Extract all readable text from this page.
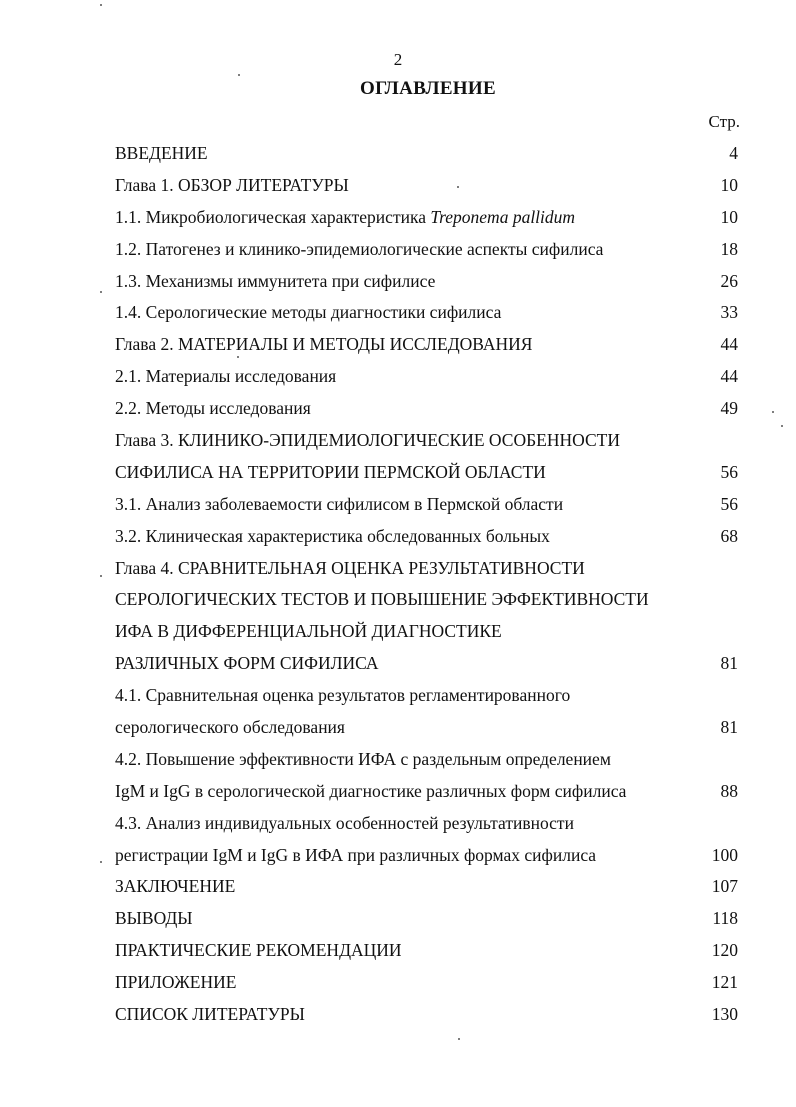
2
ОГЛАВЛЕНИЕ
Стр.
ВВЕДЕНИЕ	4
Глава 1. ОБЗОР ЛИТЕРАТУРЫ	10
1.1. Микробиологическая характеристика Treponema pallidum	10
1.2. Патогенез и клинико-эпидемиологические аспекты сифилиса	18
1.3. Механизмы иммунитета при сифилисе	26
1.4. Серологические методы диагностики сифилиса	33
Глава 2. МАТЕРИАЛЫ И МЕТОДЫ ИССЛЕДОВАНИЯ	44
2.1. Материалы исследования	44
2.2. Методы исследования	49
Глава 3. КЛИНИКО-ЭПИДЕМИОЛОГИЧЕСКИЕ ОСОБЕННОСТИ
СИФИЛИСА НА ТЕРРИТОРИИ ПЕРМСКОЙ ОБЛАСТИ	56
3.1. Анализ заболеваемости сифилисом в Пермской области	56
3.2. Клиническая характеристика обследованных больных	68
Глава 4. СРАВНИТЕЛЬНАЯ ОЦЕНКА РЕЗУЛЬТАТИВНОСТИ
СЕРОЛОГИЧЕСКИХ ТЕСТОВ И ПОВЫШЕНИЕ ЭФФЕКТИВНОСТИ
ИФА В ДИФФЕРЕНЦИАЛЬНОЙ ДИАГНОСТИКЕ
РАЗЛИЧНЫХ ФОРМ СИФИЛИСА	81
4.1. Сравнительная оценка результатов регламентированного
серологического обследования	81
4.2. Повышение эффективности ИФА с раздельным определением
IgM и IgG в серологической диагностике различных форм сифилиса	88
4.3. Анализ индивидуальных особенностей результативности
регистрации IgM и IgG в ИФА при различных формах сифилиса	100
ЗАКЛЮЧЕНИЕ	107
ВЫВОДЫ	118
ПРАКТИЧЕСКИЕ РЕКОМЕНДАЦИИ	120
ПРИЛОЖЕНИЕ	121
СПИСОК ЛИТЕРАТУРЫ	130
